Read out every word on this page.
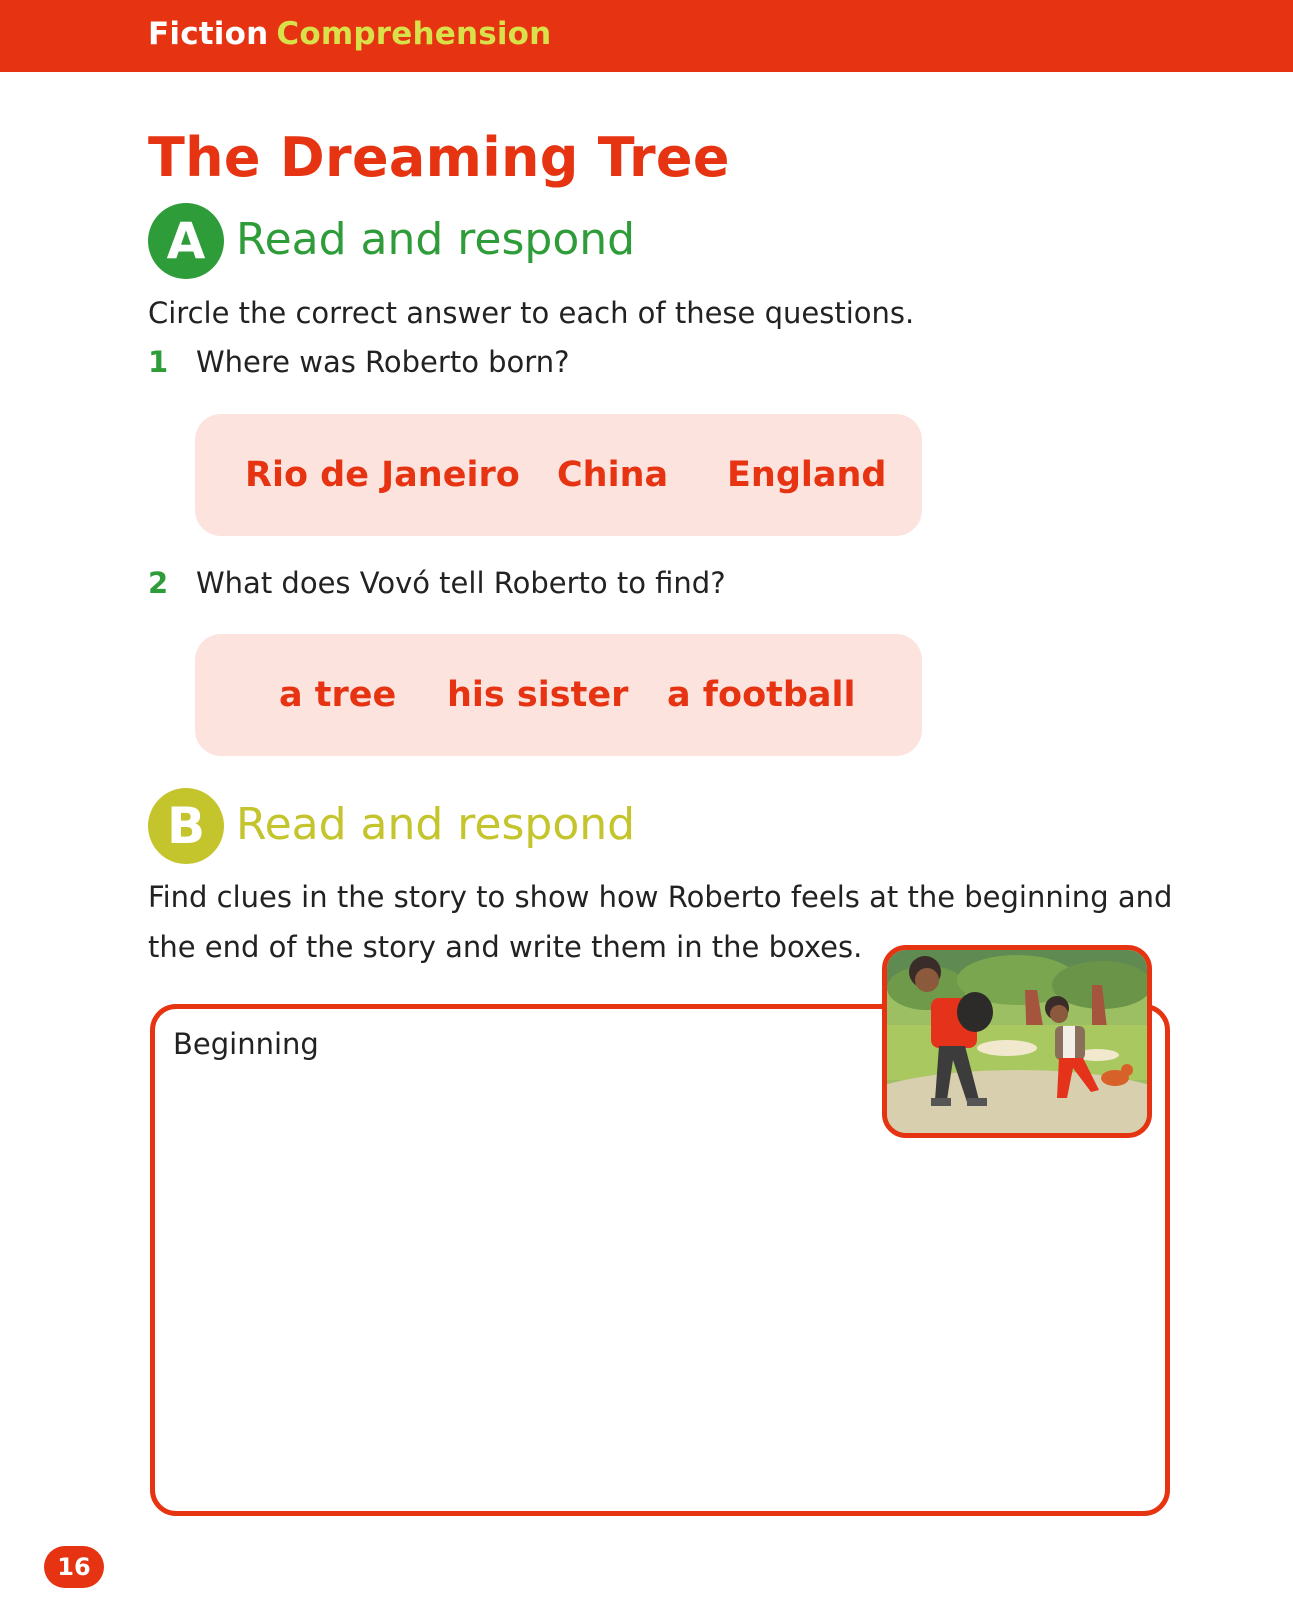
Fiction Comprehension
The Dreaming Tree
A Read and respond
Circle the correct answer to each of these questions.
1 Where was Roberto born?
Rio de Janeiro China England
2 What does Vovó tell Roberto to find?
a tree his sister a football
B Read and respond
Find clues in the story to show how Roberto feels at the beginning and
the end of the story and write them in the boxes.
Beginning
16
